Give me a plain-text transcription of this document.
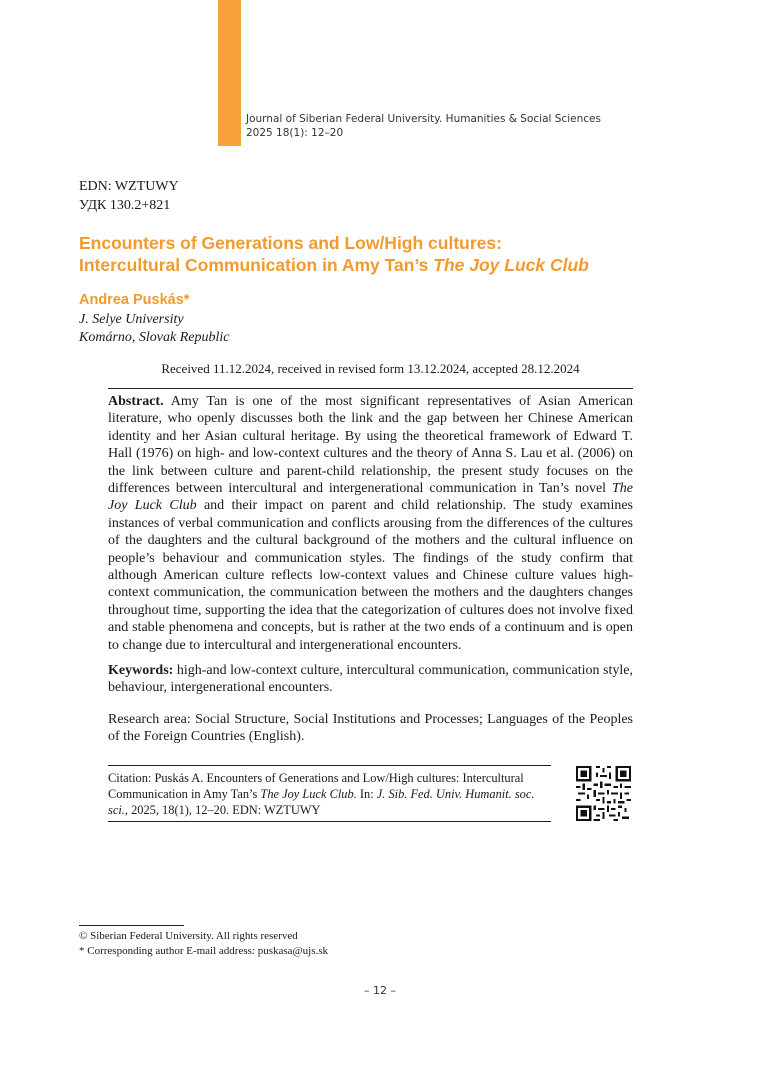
Journal of Siberian Federal University. Humanities & Social Sciences
2025 18(1): 12–20
EDN: WZTUWY
УДК 130.2+821
Encounters of Generations and Low/High cultures:
Intercultural Communication in Amy Tan’s The Joy Luck Club
Andrea Puskás*
J. Selye University
Komárno, Slovak Republic
Received 11.12.2024, received in revised form 13.12.2024, accepted 28.12.2024

Abstract. Amy Tan is one of the most significant representatives of Asian American literature, who openly discusses both the link and the gap between her Chinese American identity and her Asian cultural heritage. By using the theoretical framework of Edward T. Hall (1976) on high- and low-context cultures and the theory of Anna S. Lau et al. (2006) on the link between culture and parent-child relationship, the present study focuses on the differences between intercultural and intergenerational communication in Tan’s novel The Joy Luck Club and their impact on parent and child relationship. The study examines instances of verbal communication and conflicts arousing from the differences of the cultures of the daughters and the cultural background of the mothers and the cultural influence on people’s behaviour and communication styles. The findings of the study confirm that although American culture reflects low-context values and Chinese culture values high-context communication, the communication between the mothers and the daughters changes throughout time, supporting the idea that the categorization of cultures does not involve fixed and stable phenomena and concepts, but is rather at the two ends of a continuum and is open to change due to intercultural and intergenerational encounters.

Keywords: high-and low-context culture, intercultural communication, communication style, behaviour, intergenerational encounters.

Research area: Social Structure, Social Institutions and Processes; Languages of the Peoples of the Foreign Countries (English).

Citation: Puskás A. Encounters of Generations and Low/High cultures: Intercultural Communication in Amy Tan’s The Joy Luck Club. In: J. Sib. Fed. Univ. Humanit. soc. sci., 2025, 18(1), 12–20. EDN: WZTUWY
© Siberian Federal University. All rights reserved
* Corresponding author E-mail address: puskasa@ujs.sk
– 12 –
